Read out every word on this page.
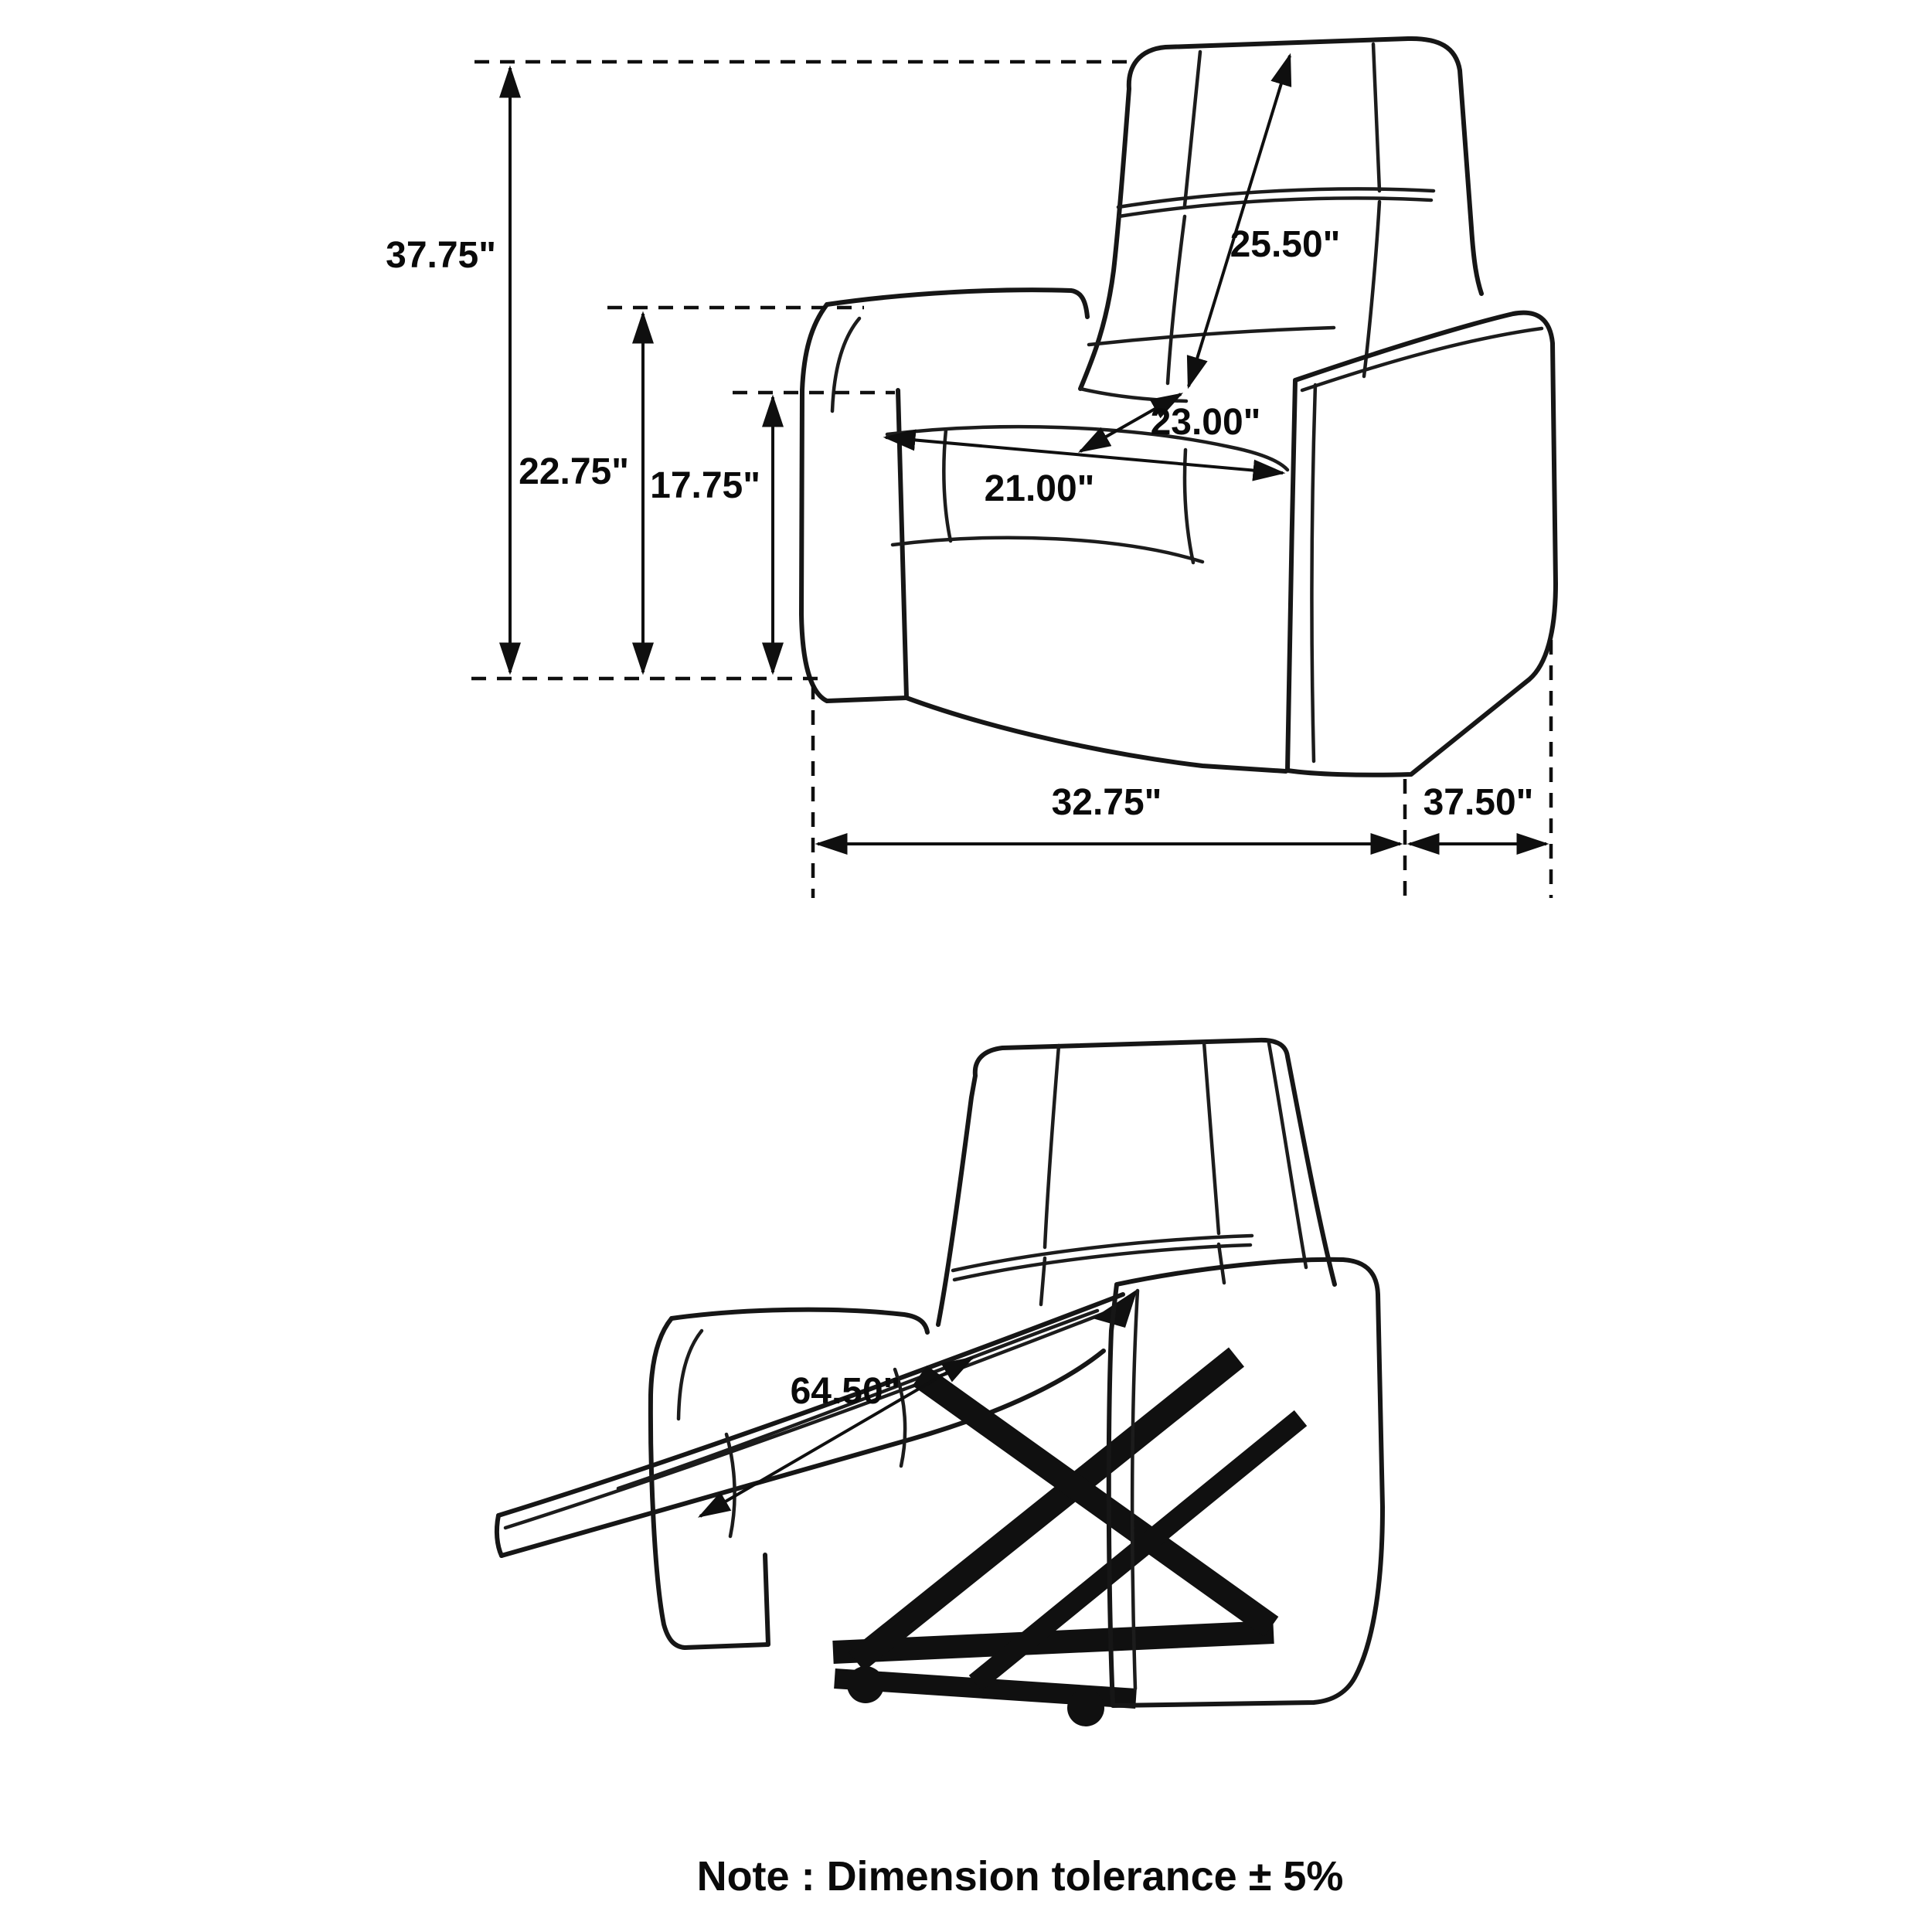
37.75"
22.75" 17.75"
25.50"
23.00"
21.00"
32.75"	37.50"
64.50"
Note : Dimension tolerance ± 5%
